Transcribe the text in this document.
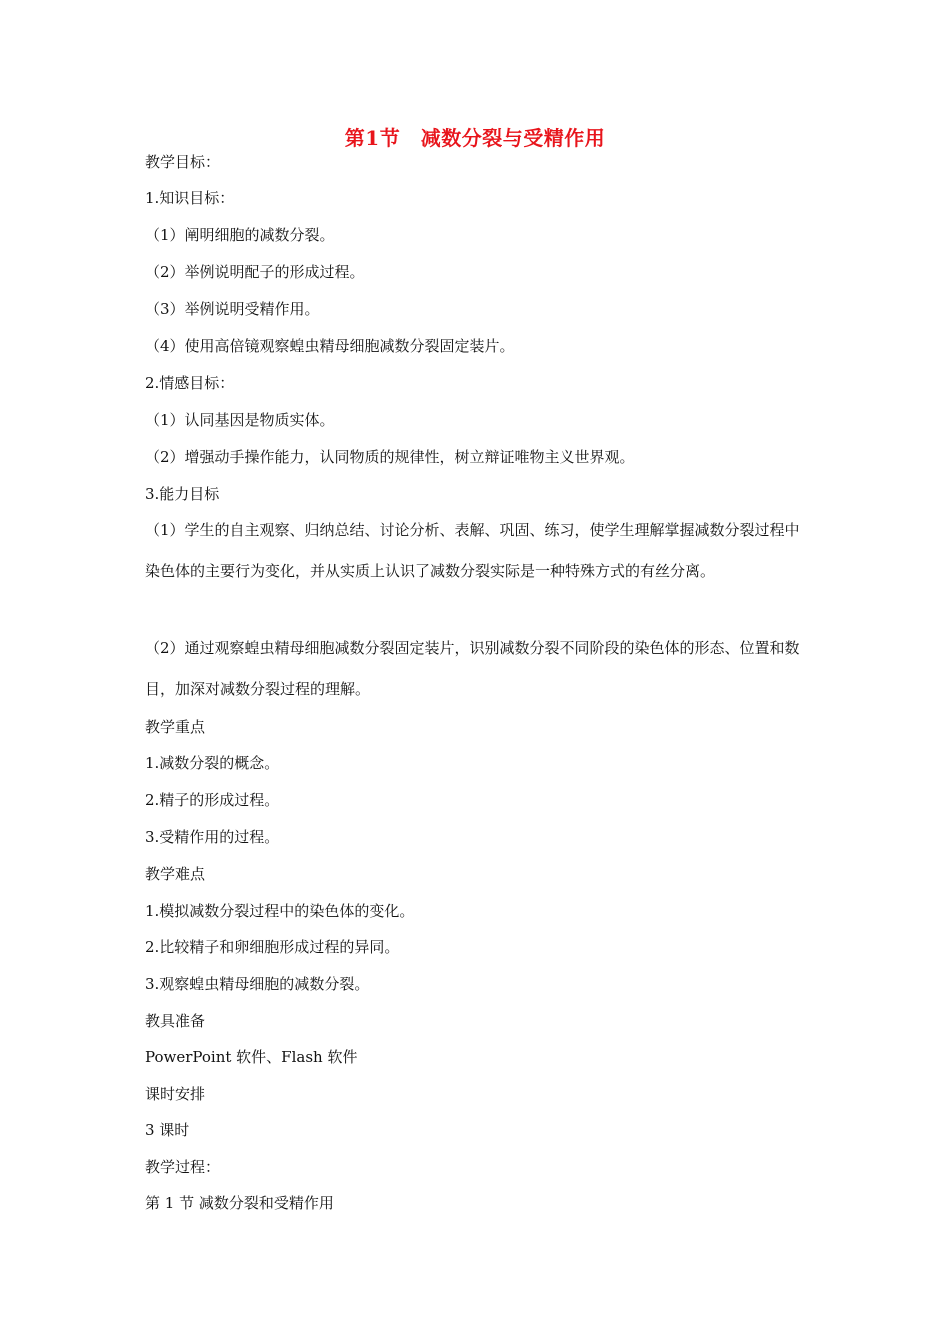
第1节　减数分裂与受精作用
教学目标：
1.知识目标：
（1）阐明细胞的减数分裂。
（2）举例说明配子的形成过程。
（3）举例说明受精作用。
（4）使用高倍镜观察蝗虫精母细胞减数分裂固定装片。
2.情感目标：
（1）认同基因是物质实体。
（2）增强动手操作能力，认同物质的规律性，树立辩证唯物主义世界观。
3.能力目标
（1）学生的自主观察、归纳总结、讨论分析、表解、巩固、练习，使学生理解掌握减数分裂过程中染色体的主要行为变化，并从实质上认识了减数分裂实际是一种特殊方式的有丝分离。
（2）通过观察蝗虫精母细胞减数分裂固定装片，识别减数分裂不同阶段的染色体的形态、位置和数目，加深对减数分裂过程的理解。
教学重点
1.减数分裂的概念。
2.精子的形成过程。
3.受精作用的过程。
教学难点
1.模拟减数分裂过程中的染色体的变化。
2.比较精子和卵细胞形成过程的异同。
3.观察蝗虫精母细胞的减数分裂。
教具准备
PowerPoint 软件、Flash 软件
课时安排
3 课时
教学过程：
第 1 节 减数分裂和受精作用
